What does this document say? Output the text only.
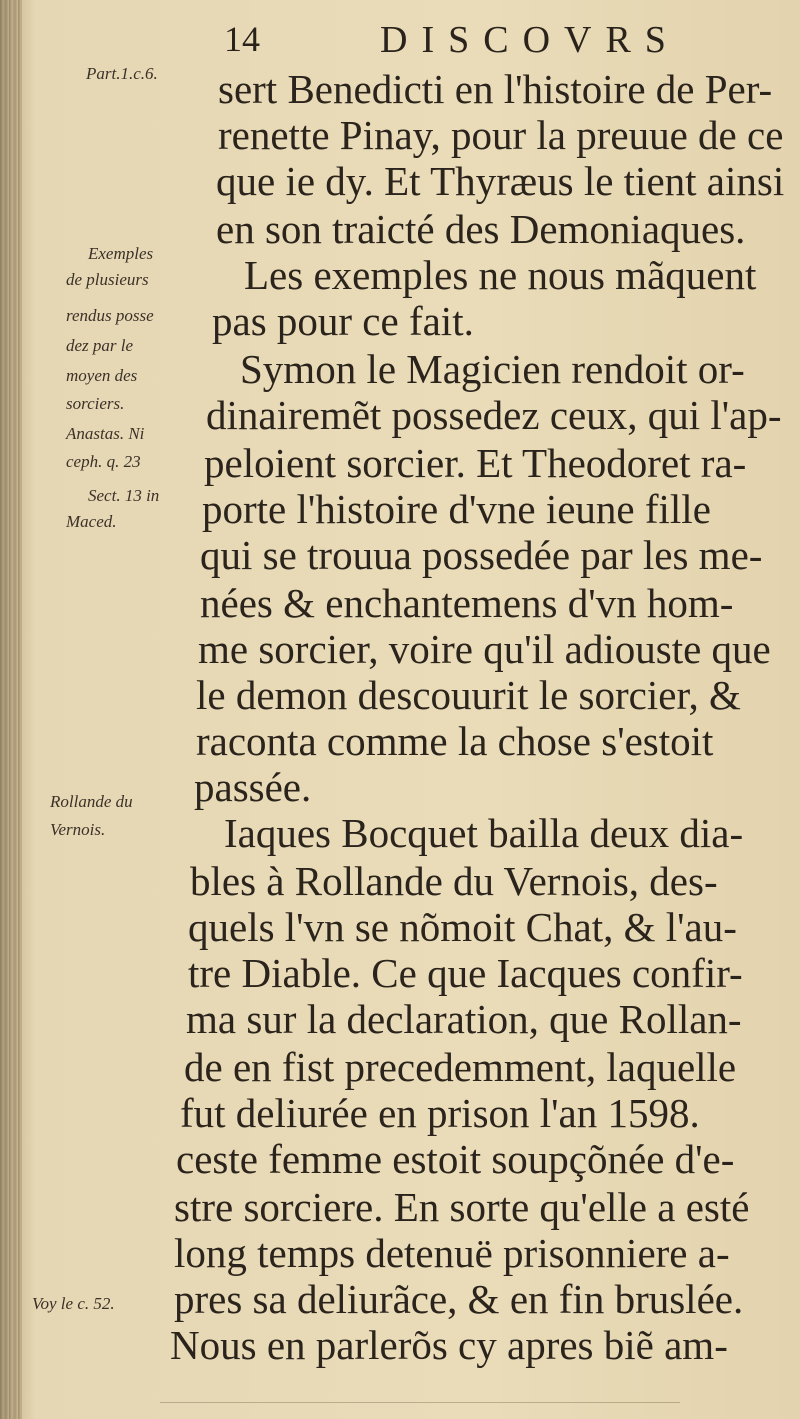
14	DISCOVRS
Part.1.c.6.
Exemples
de plusieurs
rendus posse
dez par le
moyen des
sorciers.
Anastas. Ni
ceph. q. 23
Sect. 13 in
Maced.
Rollande du
Vernois.
Voy le c. 52.
sert Benedicti en l'histoire de Per-
renette Pinay, pour la preuue de ce
que ie dy. Et Thyræus le tient ainsi
en son traicté des Demoniaques.
Les exemples ne nous mãquent
pas pour ce fait.
Symon le Magicien rendoit or-
dinairemẽt possedez ceux, qui l'ap-
peloient sorcier. Et Theodoret ra-
porte l'histoire d'vne ieune fille
qui se trouua possedée par les me-
nées & enchantemens d'vn hom-
me sorcier, voire qu'il adiouste que
le demon descouurit le sorcier, &
raconta comme la chose s'estoit
passée.
Iaques Bocquet bailla deux dia-
bles à Rollande du Vernois, des-
quels l'vn se nõmoit Chat, & l'au-
tre Diable. Ce que Iacques confir-
ma sur la declaration, que Rollan-
de en fist precedemment, laquelle
fut deliurée en prison l'an 1598.
ceste femme estoit soupçõnée d'e-
stre sorciere. En sorte qu'elle a esté
long temps detenuë prisonniere a-
pres sa deliurãce, & en fin bruslée.
Nous en parlerõs cy apres biẽ am-
